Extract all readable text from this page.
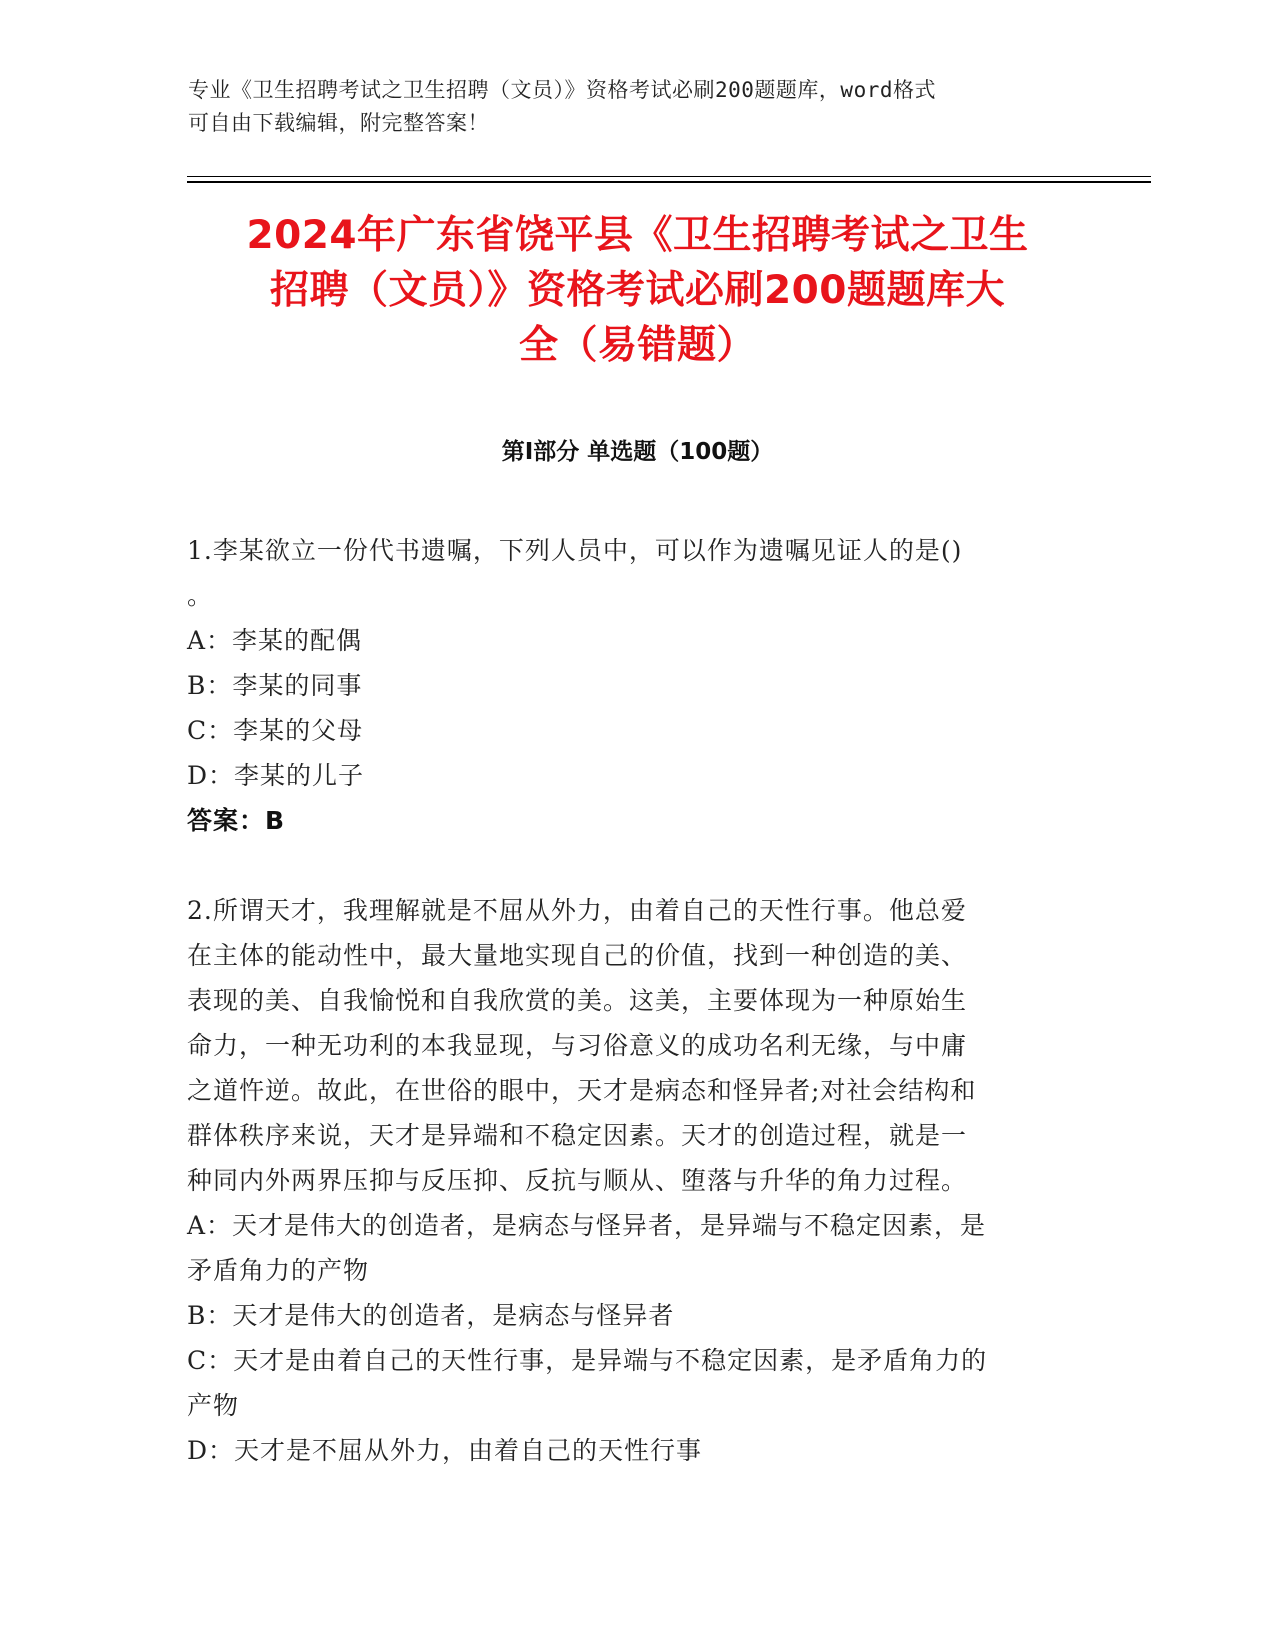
专业《卫生招聘考试之卫生招聘（文员）》资格考试必刷200题题库，word格式
可自由下载编辑，附完整答案！
2024年广东省饶平县《卫生招聘考试之卫生
招聘（文员）》资格考试必刷200题题库大
全（易错题）
第Ⅰ部分 单选题（100题）
1.李某欲立一份代书遗嘱，下列人员中，可以作为遗嘱见证人的是()
。
A：李某的配偶
B：李某的同事
C：李某的父母
D：李某的儿子
答案：B
2.所谓天才，我理解就是不屈从外力，由着自己的天性行事。他总爱
在主体的能动性中，最大量地实现自己的价值，找到一种创造的美、
表现的美、自我愉悦和自我欣赏的美。这美，主要体现为一种原始生
命力，一种无功利的本我显现，与习俗意义的成功名利无缘，与中庸
之道忤逆。故此，在世俗的眼中，天才是病态和怪异者;对社会结构和
群体秩序来说，天才是异端和不稳定因素。天才的创造过程，就是一
种同内外两界压抑与反压抑、反抗与顺从、堕落与升华的角力过程。
A：天才是伟大的创造者，是病态与怪异者，是异端与不稳定因素，是
矛盾角力的产物
B：天才是伟大的创造者，是病态与怪异者
C：天才是由着自己的天性行事，是异端与不稳定因素，是矛盾角力的
产物
D：天才是不屈从外力，由着自己的天性行事
